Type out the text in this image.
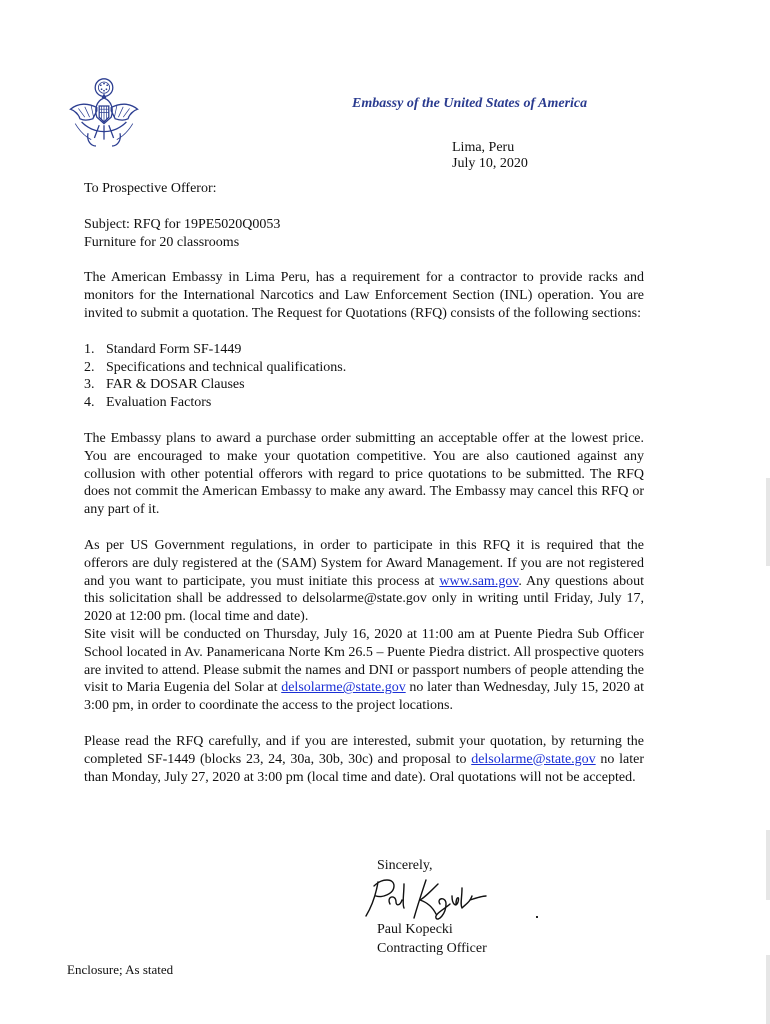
Embassy of the United States of America
Lima, Peru
July 10, 2020

To Prospective Offeror:

Subject: RFQ for 19PE5020Q0053

Furniture for 20 classrooms

The American Embassy in Lima Peru, has a requirement for a contractor to provide racks and monitors for the International Narcotics and Law Enforcement Section (INL) operation. You are invited to submit a quotation. The Request for Quotations (RFQ) consists of the following sections:

1. Standard Form SF-1449
2. Specifications and technical qualifications.
3. FAR & DOSAR Clauses
4. Evaluation Factors

The Embassy plans to award a purchase order submitting an acceptable offer at the lowest price. You are encouraged to make your quotation competitive. You are also cautioned against any collusion with other potential offerors with regard to price quotations to be submitted. The RFQ does not commit the American Embassy to make any award. The Embassy may cancel this RFQ or any part of it.

As per US Government regulations, in order to participate in this RFQ it is required that the offerors are duly registered at the (SAM) System for Award Management. If you are not registered and you want to participate, you must initiate this process at www.sam.gov. Any questions about this solicitation shall be addressed to delsolarme@state.gov only in writing until Friday, July 17, 2020 at 12:00 pm. (local time and date).

Site visit will be conducted on Thursday, July 16, 2020 at 11:00 am at Puente Piedra Sub Officer School located in Av. Panamericana Norte Km 26.5 – Puente Piedra district. All prospective quoters are invited to attend. Please submit the names and DNI or passport numbers of people attending the visit to Maria Eugenia del Solar at delsolarme@state.gov no later than Wednesday, July 15, 2020 at 3:00 pm, in order to coordinate the access to the project locations.

Please read the RFQ carefully, and if you are interested, submit your quotation, by returning the completed SF-1449 (blocks 23, 24, 30a, 30b, 30c) and proposal to delsolarme@state.gov no later than Monday, July 27, 2020 at 3:00 pm (local time and date). Oral quotations will not be accepted.

Sincerely,
Paul Kopecki
Contracting Officer
Enclosure; As stated
